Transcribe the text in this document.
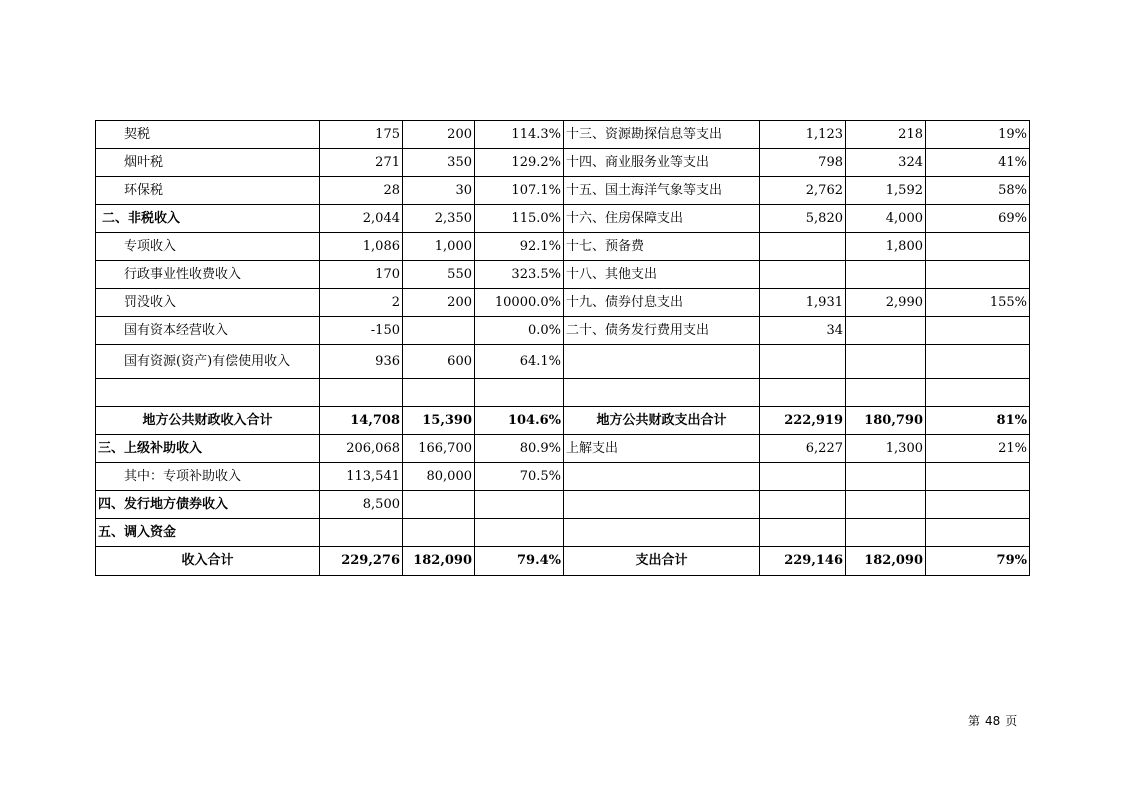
契税	175	200	114.3%	十三、资源勘探信息等支出	1,123	218	19%
烟叶税	271	350	129.2%	十四、商业服务业等支出	798	324	41%
环保税	28	30	107.1%	十五、国土海洋气象等支出	2,762	1,592	58%
二、非税收入	2,044	2,350	115.0%	十六、住房保障支出	5,820	4,000	69%
专项收入	1,086	1,000	92.1%	十七、预备费		1,800	
行政事业性收费收入	170	550	323.5%	十八、其他支出			
罚没收入	2	200	10000.0%	十九、债券付息支出	1,931	2,990	155%
国有资本经营收入	-150		0.0%	二十、债务发行费用支出	34		
国有资源(资产)有偿使用收入	936	600	64.1%				

地方公共财政收入合计	14,708	15,390	104.6%	地方公共财政支出合计	222,919	180,790	81%
三、上级补助收入	206,068	166,700	80.9%	上解支出	6,227	1,300	21%
其中：专项补助收入	113,541	80,000	70.5%				
四、发行地方债券收入	8,500						
五、调入资金							
收入合计	229,276	182,090	79.4%	支出合计	229,146	182,090	79%
第 48 页
